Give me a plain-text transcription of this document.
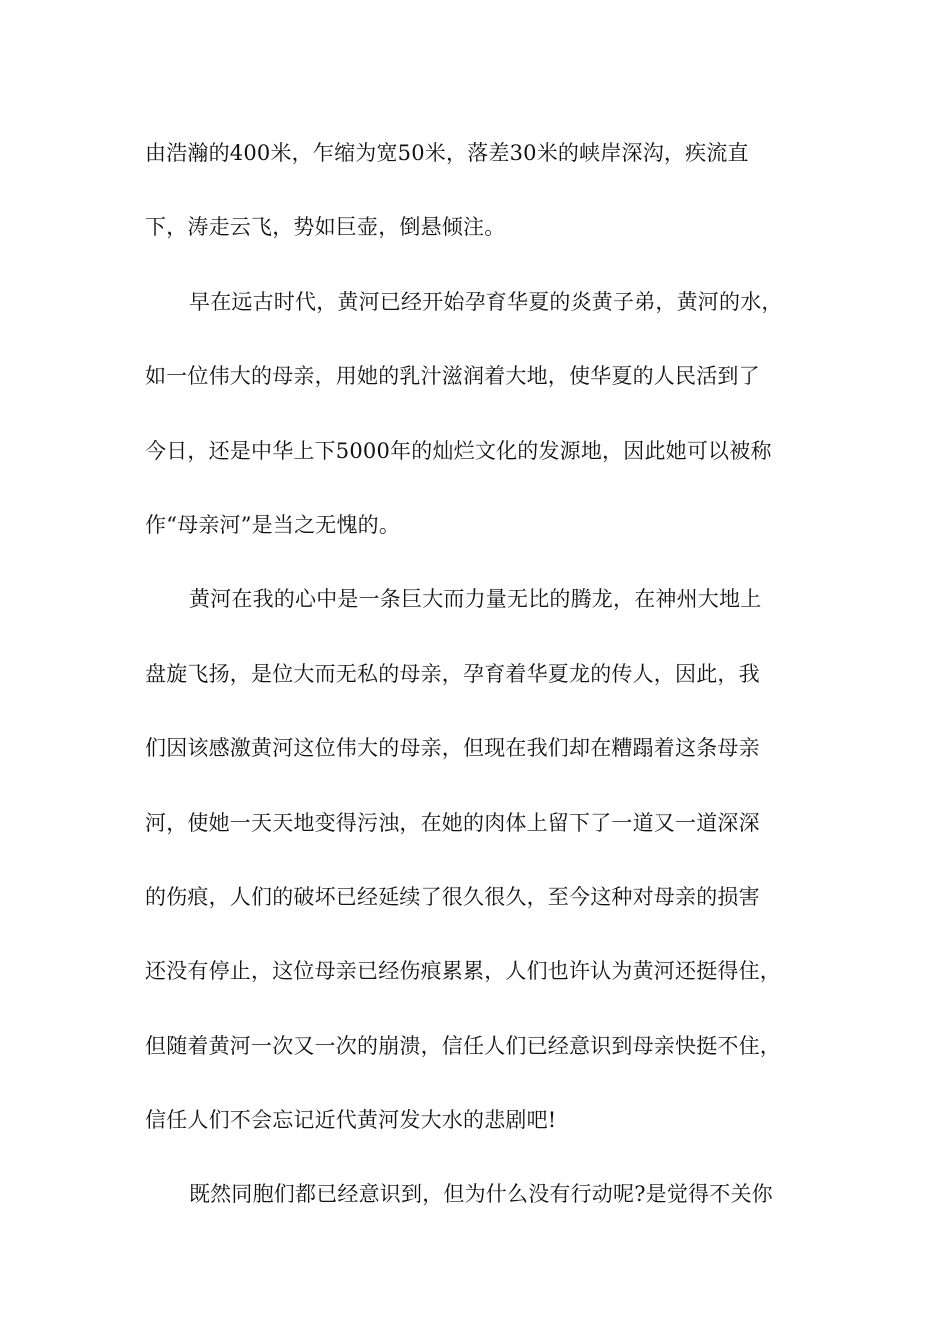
由浩瀚的400米，乍缩为宽50米，落差30米的峡岸深沟，疾流直
下，涛走云飞，势如巨壶，倒悬倾注。
早在远古时代，黄河已经开始孕育华夏的炎黄子弟，黄河的水，
如一位伟大的母亲，用她的乳汁滋润着大地，使华夏的人民活到了
今日，还是中华上下5000年的灿烂文化的发源地，因此她可以被称
作“母亲河”是当之无愧的。
黄河在我的心中是一条巨大而力量无比的腾龙，在神州大地上
盘旋飞扬，是位大而无私的母亲，孕育着华夏龙的传人，因此，我
们因该感激黄河这位伟大的母亲，但现在我们却在糟蹋着这条母亲
河，使她一天天地变得污浊，在她的肉体上留下了一道又一道深深
的伤痕，人们的破坏已经延续了很久很久，至今这种对母亲的损害
还没有停止，这位母亲已经伤痕累累，人们也许认为黄河还挺得住，
但随着黄河一次又一次的崩溃，信任人们已经意识到母亲快挺不住，
信任人们不会忘记近代黄河发大水的悲剧吧!
既然同胞们都已经意识到，但为什么没有行动呢?是觉得不关你
